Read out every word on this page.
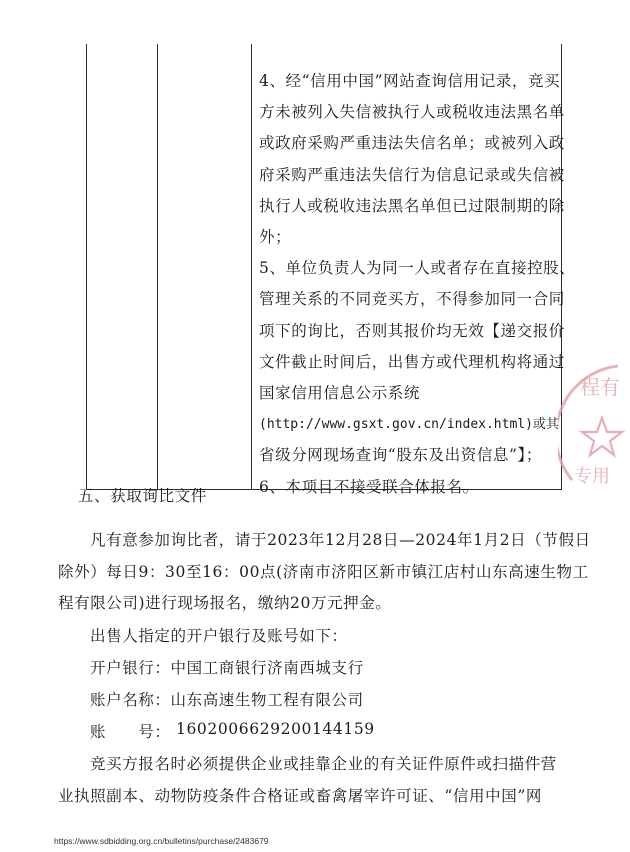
4、经“信用中国”网站查询信用记录，竞买
方未被列入失信被执行人或税收违法黑名单
或政府采购严重违法失信名单；或被列入政
府采购严重违法失信行为信息记录或失信被
执行人或税收违法黑名单但已过限制期的除
外；
5、单位负责人为同一人或者存在直接控股、
管理关系的不同竞买方，不得参加同一合同
项下的询比，否则其报价均无效【递交报价
文件截止时间后，出售方或代理机构将通过
国家信用信息公示系统
(http://www.gsxt.gov.cn/index.html)或其
省级分网现场查询“股东及出资信息”】；
6、本项目不接受联合体报名。
五、获取询比文件
凡有意参加询比者，请于2023年12月28日—2024年1月2日（节假日
除外）每日9：30至16：00点(济南市济阳区新市镇江店村山东高速生物工
程有限公司)进行现场报名，缴纳20万元押金。
出售人指定的开户银行及账号如下：
开户银行：中国工商银行济南西城支行
账户名称：山东高速生物工程有限公司
账　　号： 1602006629200144159
竞买方报名时必须提供企业或挂靠企业的有关证件原件或扫描件营
业执照副本、动物防疫条件合格证或畜禽屠宰许可证、“信用中国”网
程有
专用
https://www.sdbidding.org.cn/bulletins/purchase/2483679
